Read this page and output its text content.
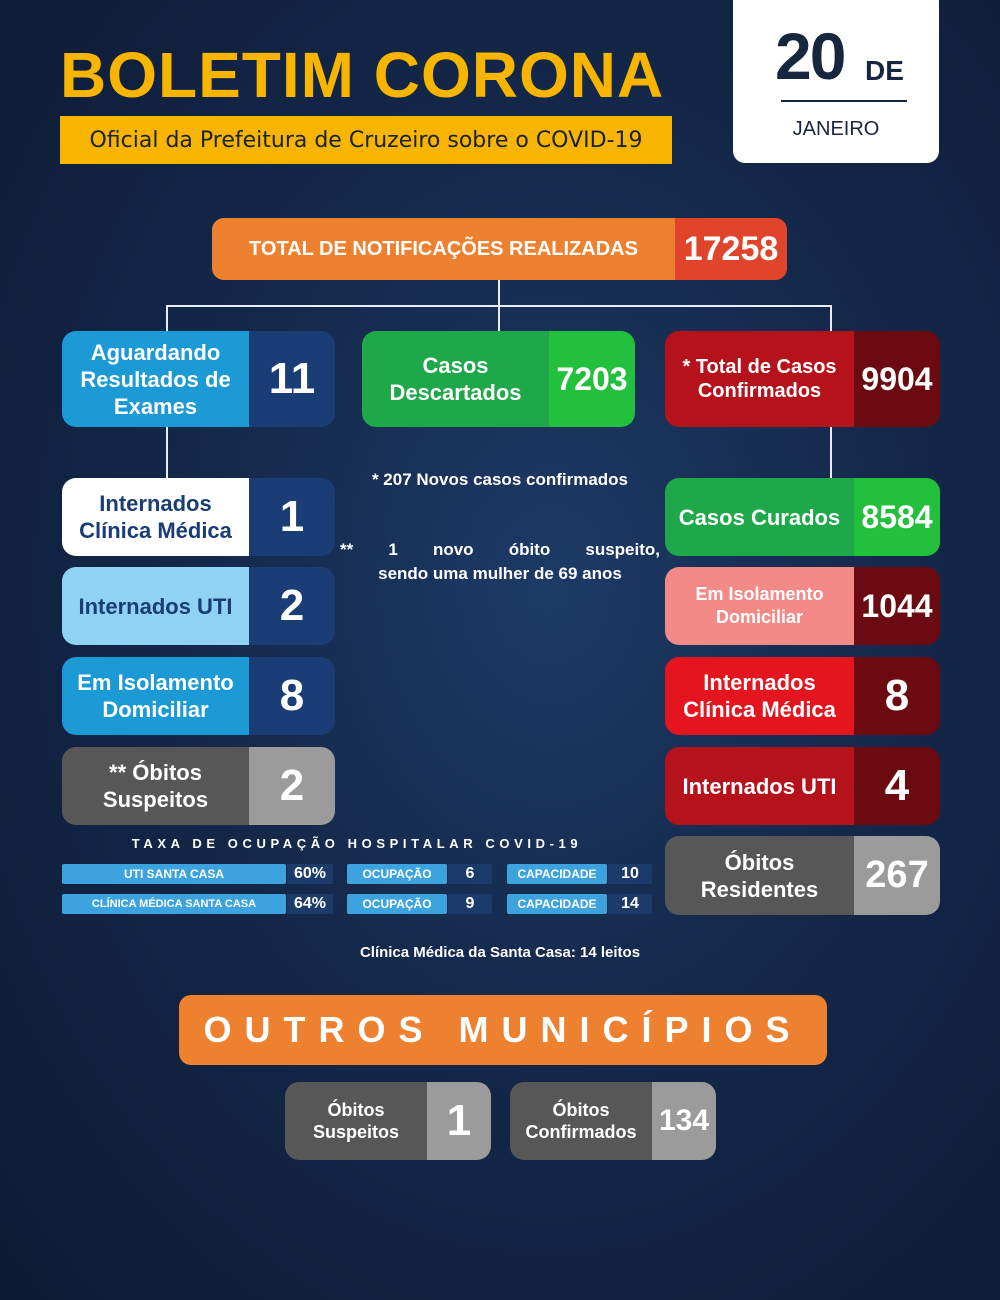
BOLETIM CORONA
Oficial da Prefeitura de Cruzeiro sobre o COVID-19
20 DE
JANEIRO
TOTAL DE NOTIFICAÇÕES REALIZADAS	17258
Aguardando Resultados de Exames
11
Internados Clínica Médica	1
Internados UTI	2
Em Isolamento Domiciliar	8
** Óbitos Suspeitos	2
Casos Descartados	7203
* 207 Novos casos confirmados
** 1 novo óbito suspeito,
sendo uma mulher de 69 anos
* Total de Casos Confirmados	9904
Casos Curados 8584
Em Isolamento Domiciliar	1044
Internados Clínica Médica	8
Internados UTI	4
Óbitos Residentes	267
TAXA DE OCUPAÇÃO HOSPITALAR COVID-19
UTI SANTA CASA	60%	OCUPAÇÃO	6	CAPACIDADE	10
CLÍNICA MÉDICA SANTA CASA	64%	OCUPAÇÃO	9	CAPACIDADE	14
Clínica Médica da Santa Casa: 14 leitos
OUTROS MUNICÍPIOS
Óbitos Suspeitos	1	Óbitos Confirmados 134
